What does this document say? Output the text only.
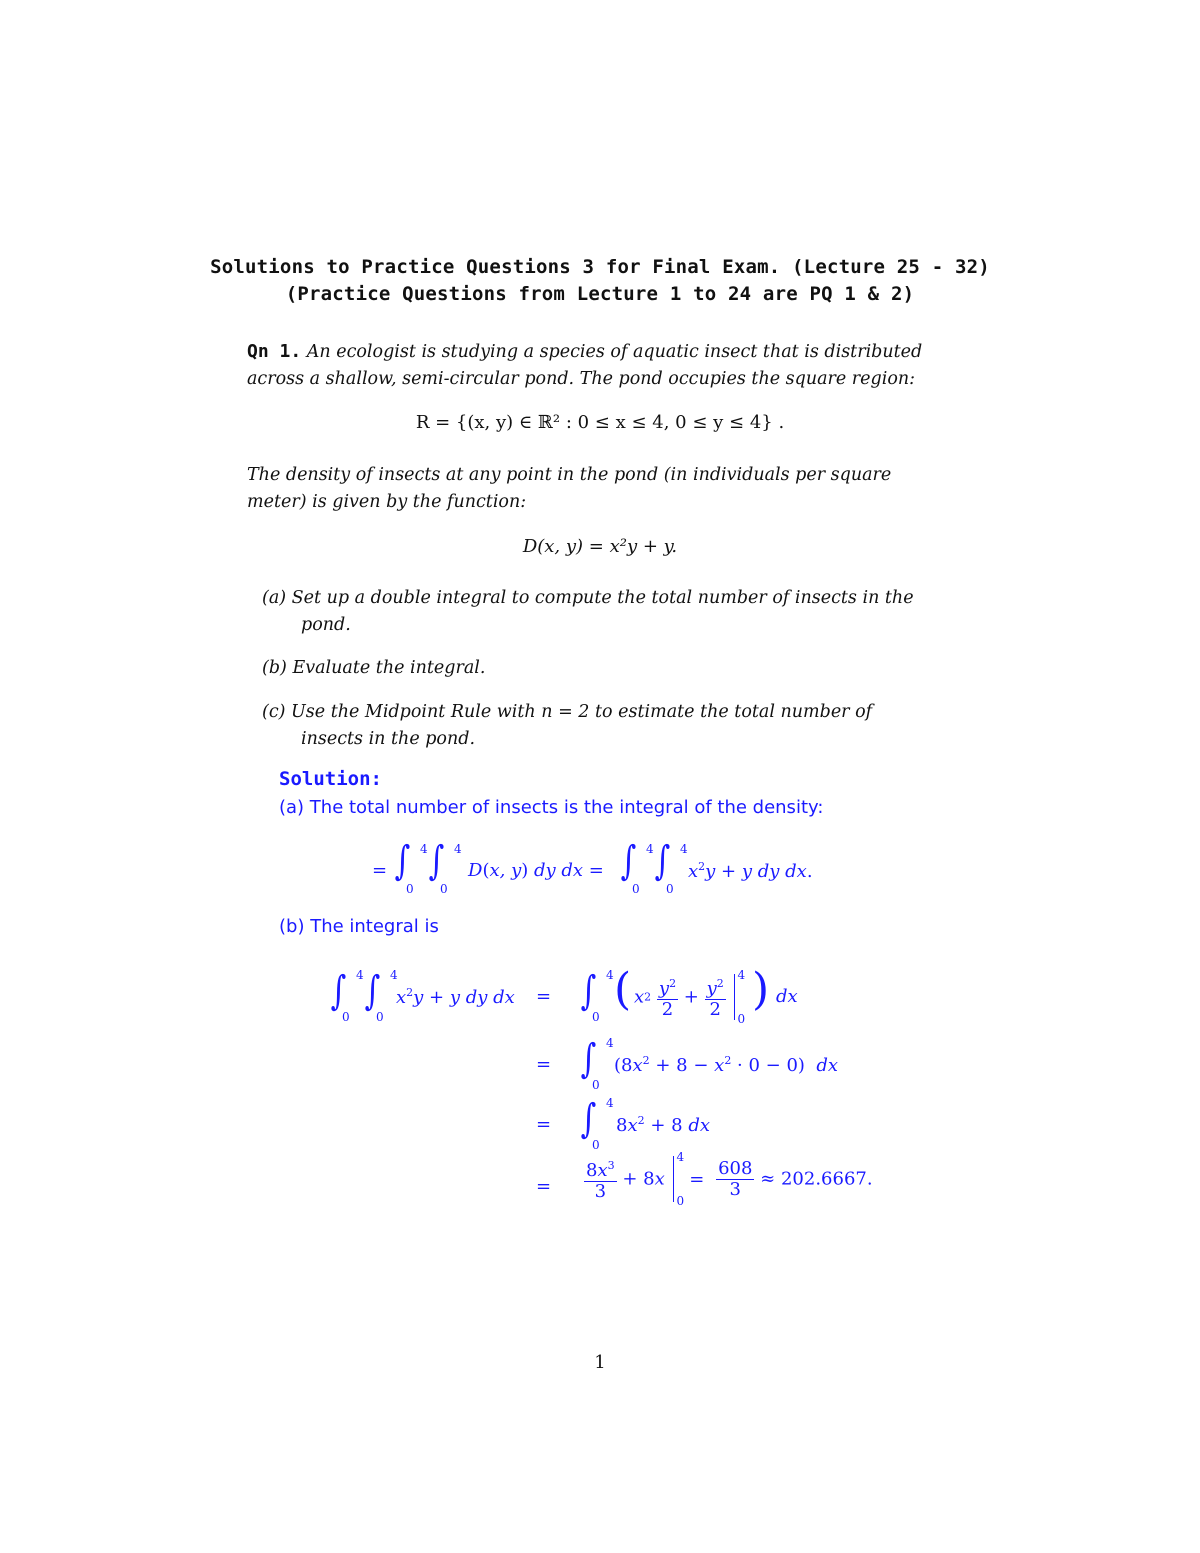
Solutions to Practice Questions 3 for Final Exam. (Lecture 25 - 32)
(Practice Questions from Lecture 1 to 24 are PQ 1 & 2)
Qn 1. An ecologist is studying a species of aquatic insect that is distributed
across a shallow, semi-circular pond. The pond occupies the square region:
R = {(x, y) ∈ ℝ² : 0 ≤ x ≤ 4, 0 ≤ y ≤ 4} .
The density of insects at any point in the pond (in individuals per square
meter) is given by the function:
D(x, y) = x²y + y.
(a) Set up a double integral to compute the total number of insects in the
pond.
(b) Evaluate the integral.
(c) Use the Midpoint Rule with n = 2 to estimate the total number of
insects in the pond.
Solution:
(a) The total number of insects is the integral of the density:
= ∫ 4
0
∫ 4
0
D(x, y) dy dx = ∫ 4
0
∫ 4
0
$x^2y + y$ dy dx.
(b) The integral is
∫ 4
0
∫ 4
0
$x^2y + y$ dy dx = ∫ 4
0
( $x2 \frac{y^2}{2} + \frac{y^2}{2}$
4
0
) dx
= ∫ 4
0
$(8x^2 + 8 - x^2 \cdot 0 - 0)$  dx
= ∫ 4
0
$8x^2 + 8$ dx
= $\frac{8x^3}{3} + 8x$
4
0
= $\frac{608}{3} \approx 202.6667$.
1
